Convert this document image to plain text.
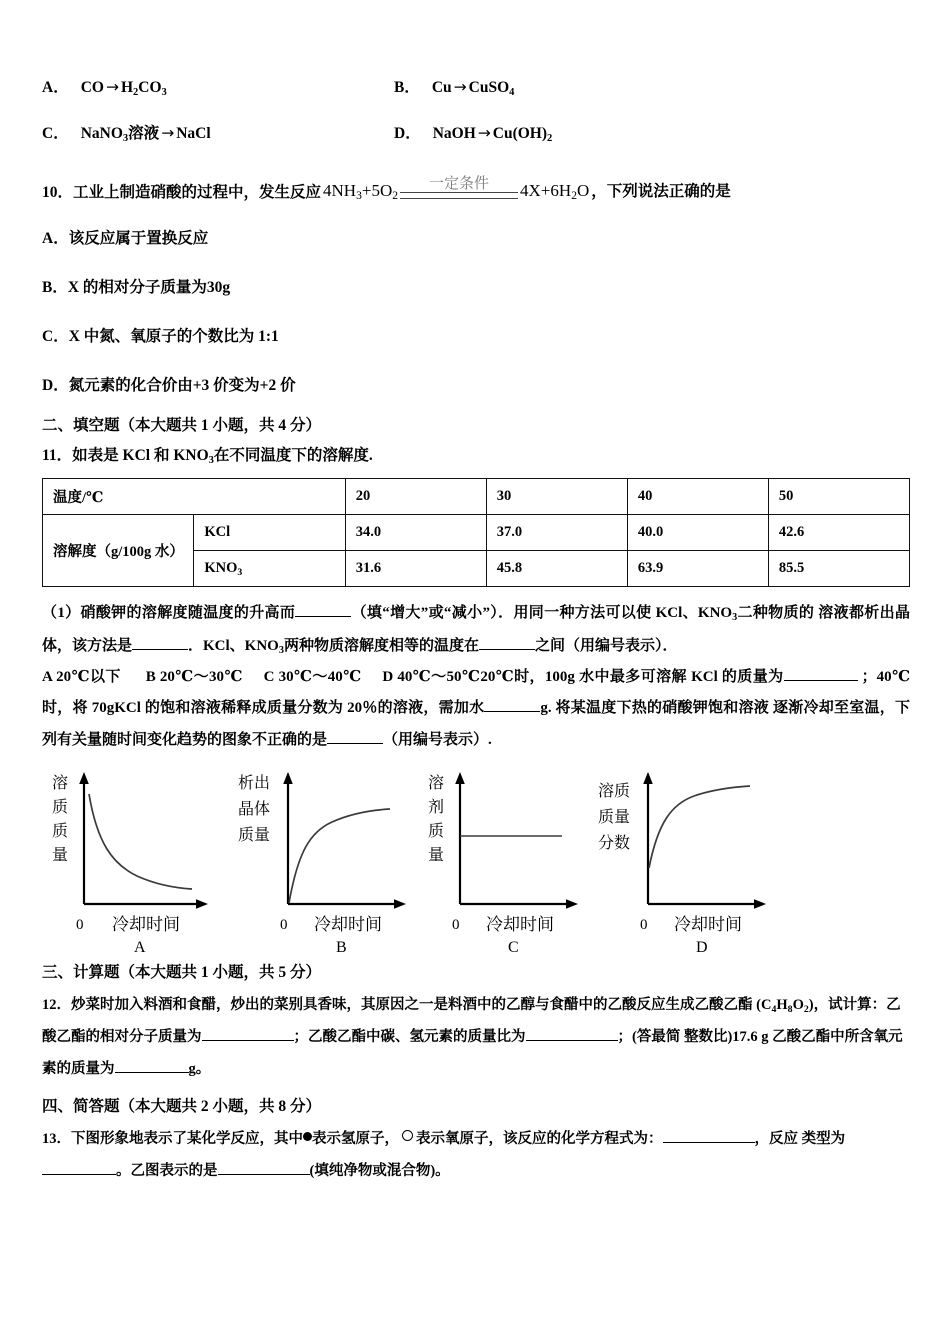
A． CO → $H_2CO_3$	B． Cu → CuSO$_4$
C． NaNO$_3$溶液 → NaCl	D． NaOH → $Cu(OH)_2$
10． 工业上制造硝酸的过程中，发生反应 $4NH_3+5O_2$
一定条件	$4X+6H_2O$ ，下列说法正确的是
A．该反应属于置换反应
B．X 的相对分子质量为30g
C．X 中氮、氧原子的个数比为 1:1
D．氮元素的化合价由+3 价变为+2 价
二、填空题（本大题共 1 小题，共 4 分）
11．如表是 KCl 和 $KNO_3$在不同温度下的溶解度.
温度/℃		20	30	40	50
溶解度（g/100g 水）	KCl	34.0	37.0	40.0	42.6
	$KNO_3$	31.6	45.8	63.9	85.5
（1）硝酸钾的溶解度随温度的升高而	（填“增大”或“减小”）．用同一种方法可以使 KCl、$KNO_3$二种物质的 溶液都析出晶体，该方法是	．KCl、$KNO_3$两种物质溶解度相等的温度在	之间（用编号表示）．
A 20℃以下 B 20℃～30℃ C 30℃～40℃ D 40℃～50℃20℃时，100g 水中最多可溶解 KCl 的质量为	；40℃时，将 70gKCl 的饱和溶液稀释成质量分数为 20％的溶液，需加水	g. 将某温度下热的硝酸钾饱和溶液 逐渐冷却至室温，下列有关量随时间变化趋势的图象不正确的是	（用编号表示）.
溶
质
质
量
0 冷却时间
A
析出
晶体
质量
0 冷却时间
B
溶
剂
质
量
0 冷却时间
C
溶质
质量
分数
0 冷却时间
D
三、计算题（本大题共 1 小题，共 5 分）
12．炒菜时加入料酒和食醋，炒出的菜别具香味，其原因之一是料酒中的乙醇与食醋中的乙酸反应生成乙酸乙酯 $(C_4H_8O_2)$，试计算：乙酸乙酯的相对分子质量为	；乙酸乙酯中碳、氢元素的质量比为	；(答最简 整数比)17.6 g 乙酸乙酯中所含氧元素的质量为	g。
四、简答题（本大题共 2 小题，共 8 分）
13．下图形象地表示了某化学反应，其中 表示氢原子， 表示氧原子，该反应的化学方程式为：	，反应 类型为。乙图表示的是	(填纯净物或混合物)。
